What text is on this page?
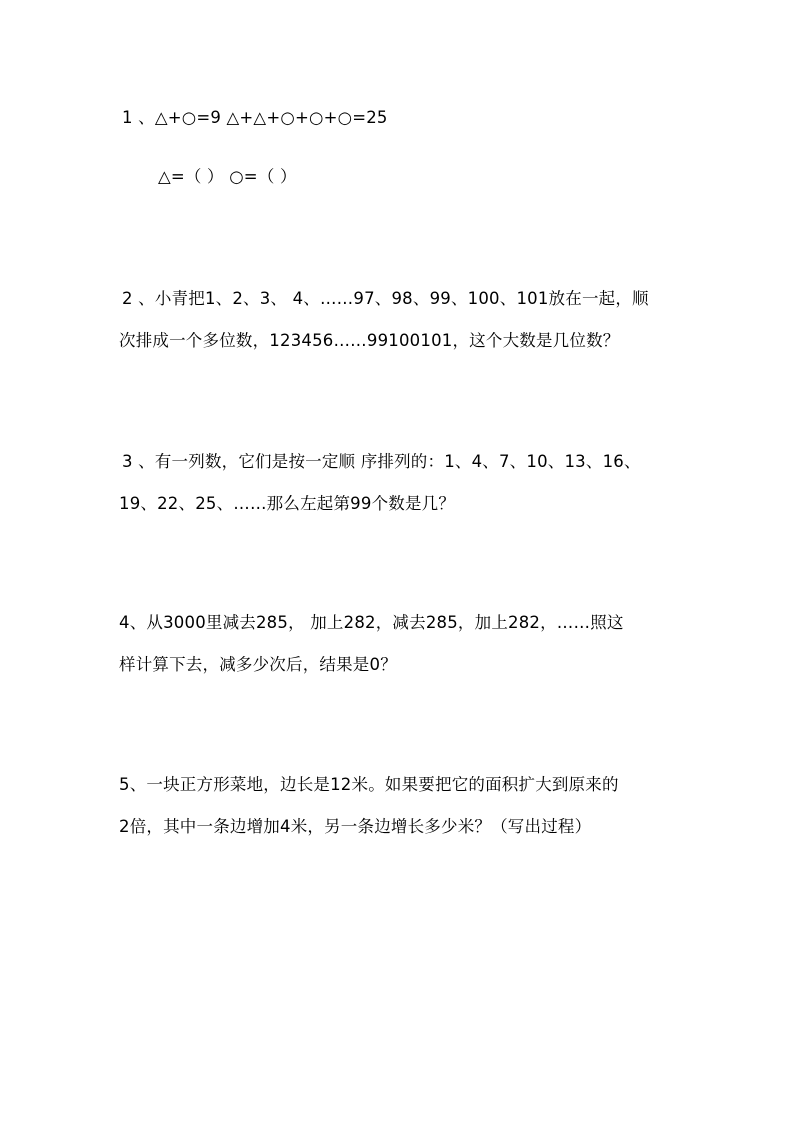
1 、△+○=9 △+△+○+○+○=25
△=（ ） ○=（ ）
2 、小青把1、2、3、 4、……97、98、99、100、101放在一起，顺
次排成一个多位数，123456……99100101，这个大数是几位数？
3 、有一列数，它们是按一定顺 序排列的：1、4、7、10、13、16、
19、22、25、……那么左起第99个数是几？
4、从3000里减去285， 加上282，减去285，加上282，……照这
样计算下去，减多少次后，结果是0？
5、一块正方形菜地，边长是12米。如果要把它的面积扩大到原来的
2倍，其中一条边增加4米，另一条边增长多少米？（写出过程）
